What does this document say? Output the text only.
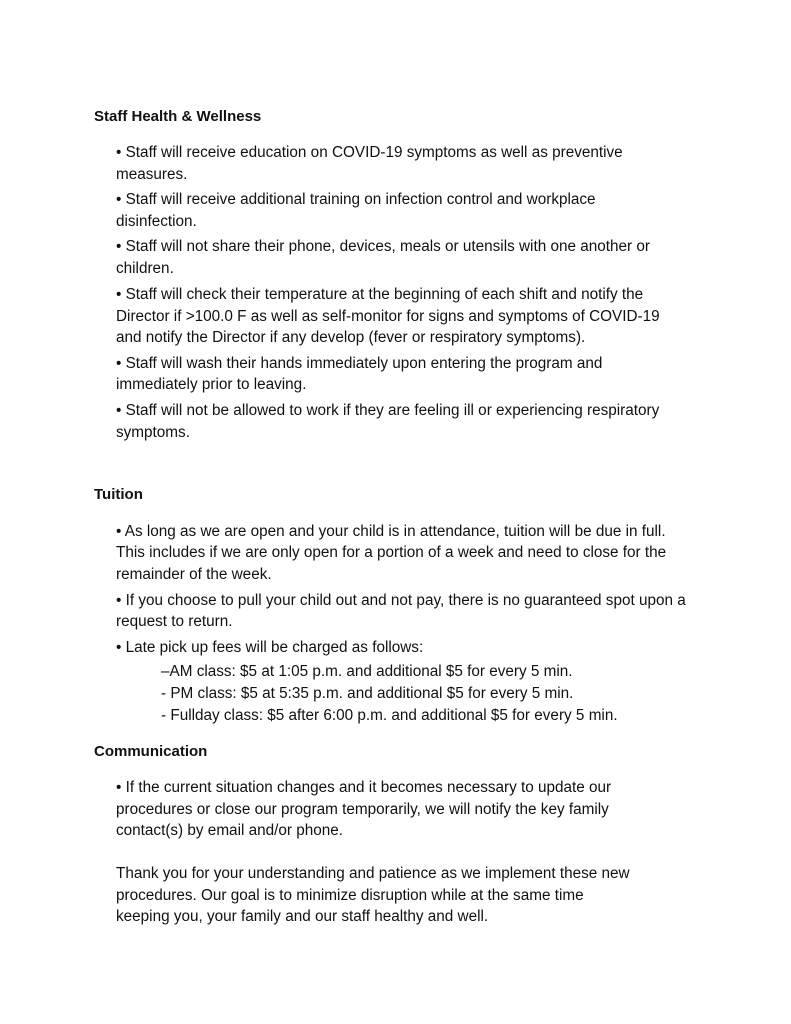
Staff Health & Wellness

• Staff will receive education on COVID-19 symptoms as well as preventive

measures.

• Staff will receive additional training on infection control and workplace

disinfection.

• Staff will not share their phone, devices, meals or utensils with one another or

children.

• Staff will check their temperature at the beginning of each shift and notify the

Director if >100.0 F as well as self-monitor for signs and symptoms of COVID-19

and notify the Director if any develop (fever or respiratory symptoms).

• Staff will wash their hands immediately upon entering the program and

immediately prior to leaving.

• Staff will not be allowed to work if they are feeling ill or experiencing respiratory

symptoms.

Tuition

• As long as we are open and your child is in attendance, tuition will be due in full.

This includes if we are only open for a portion of a week and need to close for the

remainder of the week.

• If you choose to pull your child out and not pay, there is no guaranteed spot upon a

request to return.

• Late pick up fees will be charged as follows:

–AM class: $5 at 1:05 p.m. and additional $5 for every 5 min.

- PM class: $5 at 5:35 p.m. and additional $5 for every 5 min.

- Fullday class: $5 after 6:00 p.m. and additional $5 for every 5 min.

Communication

• If the current situation changes and it becomes necessary to update our

procedures or close our program temporarily, we will notify the key family

contact(s) by email and/or phone.

Thank you for your understanding and patience as we implement these new

procedures. Our goal is to minimize disruption while at the same time

keeping you, your family and our staff healthy and well.
